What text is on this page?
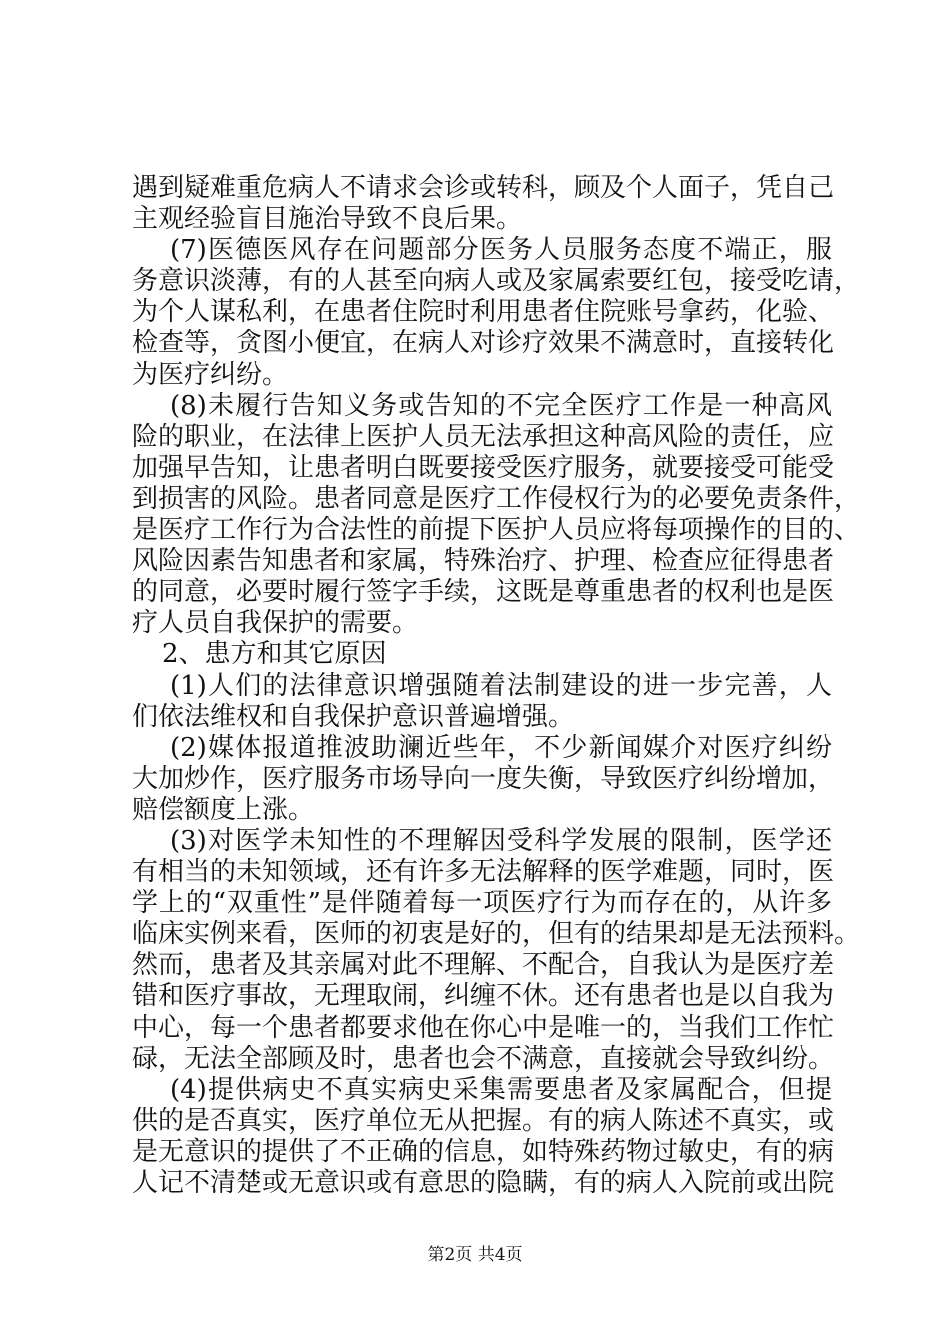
遇到疑难重危病人不请求会诊或转科，顾及个人面子，凭自己
主观经验盲目施治导致不良后果。
(7)医德医风存在问题部分医务人员服务态度不端正，服
务意识淡薄，有的人甚至向病人或及家属索要红包，接受吃请，
为个人谋私利，在患者住院时利用患者住院账号拿药，化验、
检查等，贪图小便宜，在病人对诊疗效果不满意时，直接转化
为医疗纠纷。
(8)未履行告知义务或告知的不完全医疗工作是一种高风
险的职业，在法律上医护人员无法承担这种高风险的责任，应
加强早告知，让患者明白既要接受医疗服务，就要接受可能受
到损害的风险。患者同意是医疗工作侵权行为的必要免责条件，
是医疗工作行为合法性的前提下医护人员应将每项操作的目的、
风险因素告知患者和家属，特殊治疗、护理、检查应征得患者
的同意，必要时履行签字手续，这既是尊重患者的权利也是医
疗人员自我保护的需要。
2、患方和其它原因
(1)人们的法律意识增强随着法制建设的进一步完善，人
们依法维权和自我保护意识普遍增强。
(2)媒体报道推波助澜近些年，不少新闻媒介对医疗纠纷
大加炒作，医疗服务市场导向一度失衡，导致医疗纠纷增加，
赔偿额度上涨。
(3)对医学未知性的不理解因受科学发展的限制，医学还
有相当的未知领域，还有许多无法解释的医学难题，同时，医
学上的“双重性”是伴随着每一项医疗行为而存在的，从许多
临床实例来看，医师的初衷是好的，但有的结果却是无法预料。
然而，患者及其亲属对此不理解、不配合，自我认为是医疗差
错和医疗事故，无理取闹，纠缠不休。还有患者也是以自我为
中心，每一个患者都要求他在你心中是唯一的，当我们工作忙
碌，无法全部顾及时，患者也会不满意，直接就会导致纠纷。
(4)提供病史不真实病史采集需要患者及家属配合，但提
供的是否真实，医疗单位无从把握。有的病人陈述不真实，或
是无意识的提供了不正确的信息，如特殊药物过敏史，有的病
人记不清楚或无意识或有意思的隐瞒，有的病人入院前或出院
第2页 共4页
